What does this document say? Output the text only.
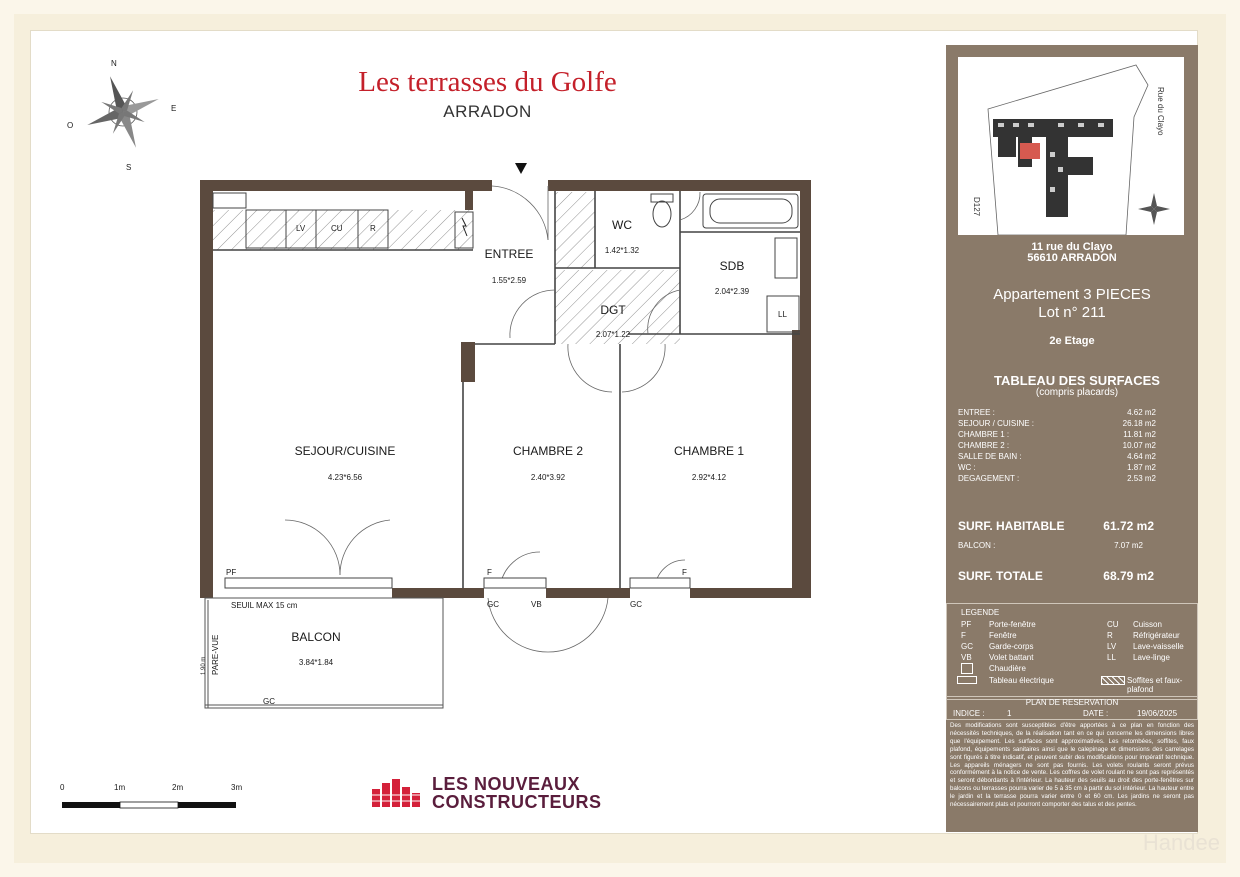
Les terrasses du Golfe
ARRADON
N
E
S
O
LV	CU	R
LL
ENTREE
1.55*2.59
WC
1.42*1.32
SDB
2.04*2.39
DGT
2.07*1.22
SEJOUR/CUISINE
4.23*6.56
CHAMBRE 2
2.40*3.92
CHAMBRE 1
2.92*4.12
BALCON
3.84*1.84
PF	F	F
GC	VB	GC
GC
SEUIL MAX 15 cm
PARE-VUE
1.90 m
0	1m	2m	3m	LES NOUVEAUX
CONSTRUCTEURS
Rue du Clayo
D127
11 rue du Clayo
56610 ARRADON
Appartement 3 PIECES
Lot n° 211
2e Etage
TABLEAU DES SURFACES
(compris placards)
ENTREE :	4.62 m2
SEJOUR / CUISINE :	26.18 m2
CHAMBRE 1 :	11.81 m2
CHAMBRE 2 :	10.07 m2
SALLE DE BAIN :	4.64 m2
WC :	1.87 m2
DEGAGEMENT :	2.53 m2
SURF. HABITABLE	61.72 m2
BALCON :	7.07 m2
SURF. TOTALE	68.79 m2
LEGENDE
PF Porte-fenêtre
F	Fenêtre
GC Garde-corps
VB Volet battant
CU Cuisson
R	Réfrigérateur
LV Lave-vaisselle
LL Lave-linge
Chaudière
Tableau électrique	Soffites et faux-plafond
PLAN DE RESERVATION
INDICE :	1	DATE :	19/06/2025
Des modifications sont susceptibles d'être apportées à ce plan en fonction des nécessités techniques, de la réalisation tant en ce qui concerne les dimensions libres que l'équipement. Les surfaces sont approximatives. Les retombées, soffites, faux plafond, équipements sanitaires ainsi que le calepinage et dimensions des carrelages sont figurés à titre indicatif, et peuvent subir des modifications pour impératif technique. Les appareils ménagers ne sont pas fournis. Les volets roulants seront prévus conformément à la notice de vente. Les coffres de volet roulant ne sont pas représentés et seront débordants à l'intérieur. La hauteur des seuils au droit des porte-fenêtres sur balcons ou terrasses pourra varier de 5 à 35 cm à partir du sol intérieur. La hauteur entre le jardin et la terrasse pourra varier entre 0 et 60 cm. Les jardins ne seront pas nécessairement plats et pourront comporter des talus et des pentes.
Handee
